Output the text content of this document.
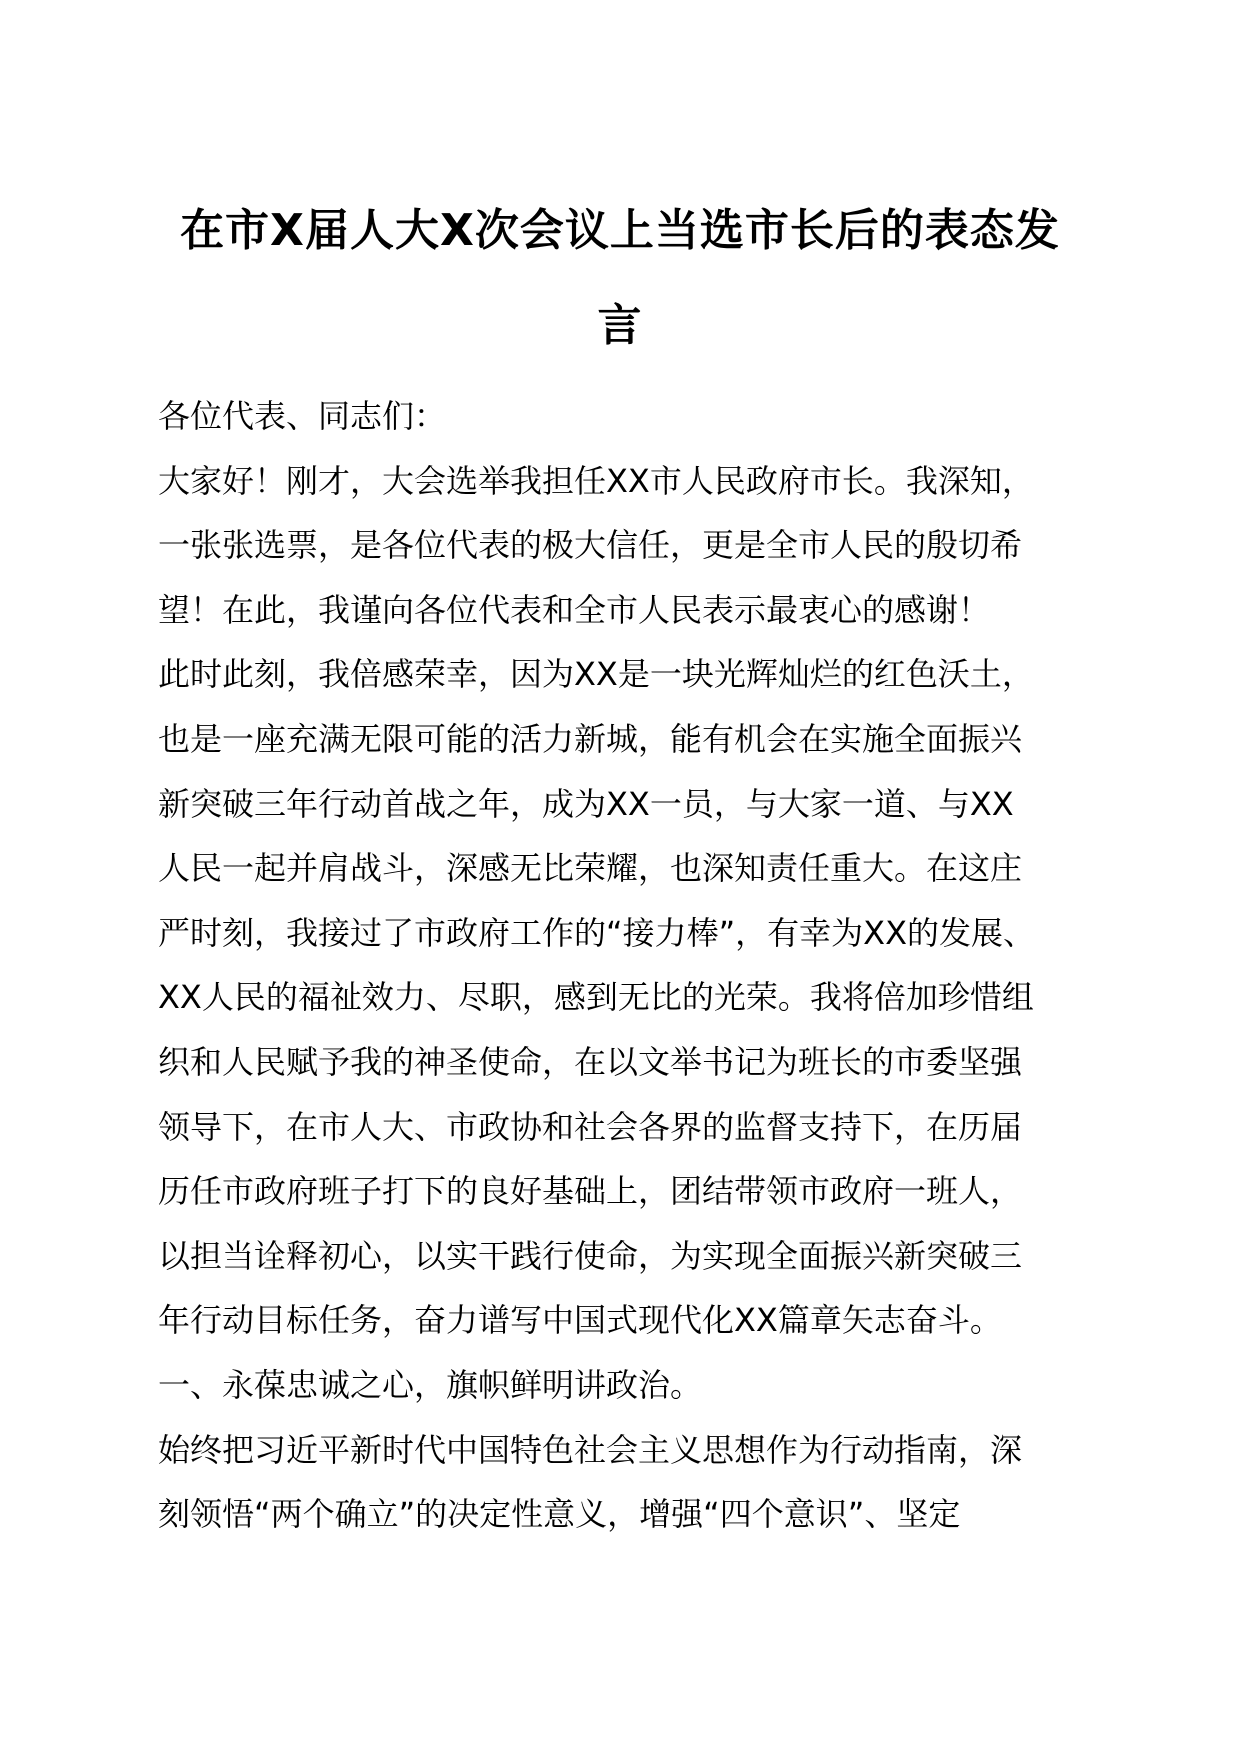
在市X届人大X次会议上当选市长后的表态发
言
各位代表、同志们：
大家好！刚才，大会选举我担任XX市人民政府市长。我深知，
一张张选票，是各位代表的极大信任，更是全市人民的殷切希
望！在此，我谨向各位代表和全市人民表示最衷心的感谢！
此时此刻，我倍感荣幸，因为XX是一块光辉灿烂的红色沃土，
也是一座充满无限可能的活力新城，能有机会在实施全面振兴
新突破三年行动首战之年，成为XX一员，与大家一道、与XX
人民一起并肩战斗，深感无比荣耀，也深知责任重大。在这庄
严时刻，我接过了市政府工作的“接力棒”，有幸为XX的发展、
XX人民的福祉效力、尽职，感到无比的光荣。我将倍加珍惜组
织和人民赋予我的神圣使命，在以文举书记为班长的市委坚强
领导下，在市人大、市政协和社会各界的监督支持下，在历届
历任市政府班子打下的良好基础上，团结带领市政府一班人，
以担当诠释初心，以实干践行使命，为实现全面振兴新突破三
年行动目标任务，奋力谱写中国式现代化XX篇章矢志奋斗。
一、永葆忠诚之心，旗帜鲜明讲政治。
始终把习近平新时代中国特色社会主义思想作为行动指南，深
刻领悟“两个确立”的决定性意义，增强“四个意识”、坚定
